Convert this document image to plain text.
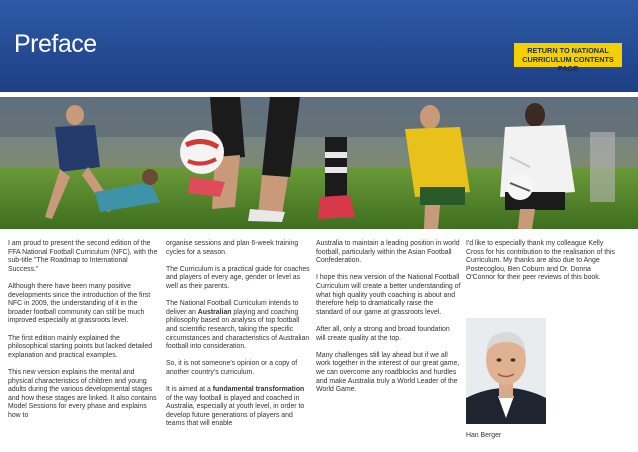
Preface	RETURN TO NATIONAL
CURRICULUM CONTENTS PAGE

I am proud to present the second edition of the FFA National Football Curriculum (NFC), with the sub-title "The Roadmap to International Success."

Although there have been many positive developments since the introduction of the first NFC in 2009, the understanding of it in the broader football community can still be much improved especially at grassroots level.

The first edition mainly explained the philosophical starting points but lacked detailed explanation and practical examples.

This new version explains the mental and physical characteristics of children and young adults during the various developmental stages and how these stages are linked. It also contains Model Sessions for every phase and explains how to

organise sessions and plan 6-week training cycles for a season.

The Curriculum is a practical guide for coaches and players of every age, gender or level as well as their parents.

The National Football Curriculum intends to deliver an Australian playing and coaching philosophy based on analysis of top football and scientific research, taking the specific circumstances and characteristics of Australian football into consideration.

So, it is not someone's opinion or a copy of another country's curriculum.

It is aimed at a fundamental transformation of the way football is played and coached in Australia, especially at youth level, in order to develop future generations of players and teams that will enable

Australia to maintain a leading position in world football, particularly within the Asian Football Confederation.

I hope this new version of the National Football Curriculum will create a better understanding of what high quality youth coaching is about and therefore help to dramatically raise the standard of our game at grassroots level.

After all, only a strong and broad foundation will create quality at the top.

Many challenges still lay ahead but if we all work together in the interest of our great game, we can overcome any roadblocks and hurdles and make Australia truly a World Leader of the World Game.

I'd like to especially thank my colleague Kelly Cross for his contribution to the realisation of this Curriculum. My thanks are also due to Ange Postecoglou, Ben Coburn and Dr. Donna O'Connor for their peer reviews of this book.

Han Berger
